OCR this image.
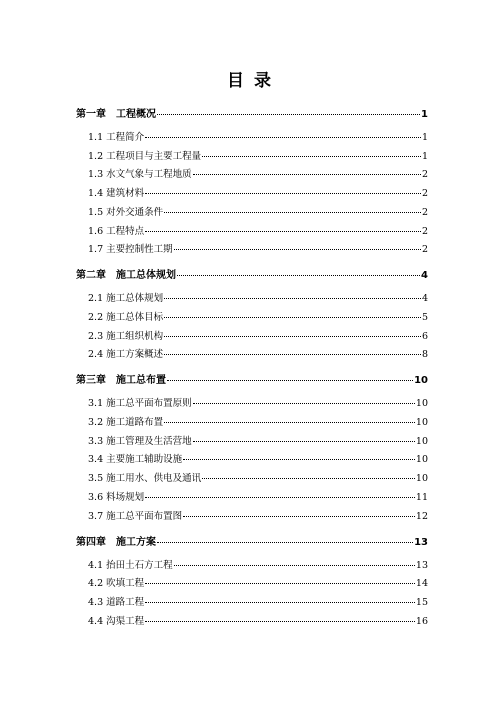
目 录
第一章 工程概况	1
1.1 工程简介	1
1.2 工程项目与主要工程量	1
1.3 水文气象与工程地质	2
1.4 建筑材料	2
1.5 对外交通条件	2
1.6 工程特点	2
1.7 主要控制性工期	2
第二章 施工总体规划	4
2.1 施工总体规划	4
2.2 施工总体目标	5
2.3 施工组织机构	6
2.4 施工方案概述	8
第三章 施工总布置	10
3.1 施工总平面布置原则	10
3.2 施工道路布置	10
3.3 施工管理及生活营地	10
3.4 主要施工辅助设施	10
3.5 施工用水、供电及通讯	10
3.6 料场规划	11
3.7 施工总平面布置图	12
第四章 施工方案	13
4.1 抬田土石方工程	13
4.2 吹填工程	14
4.3 道路工程	15
4.4 沟渠工程	16
